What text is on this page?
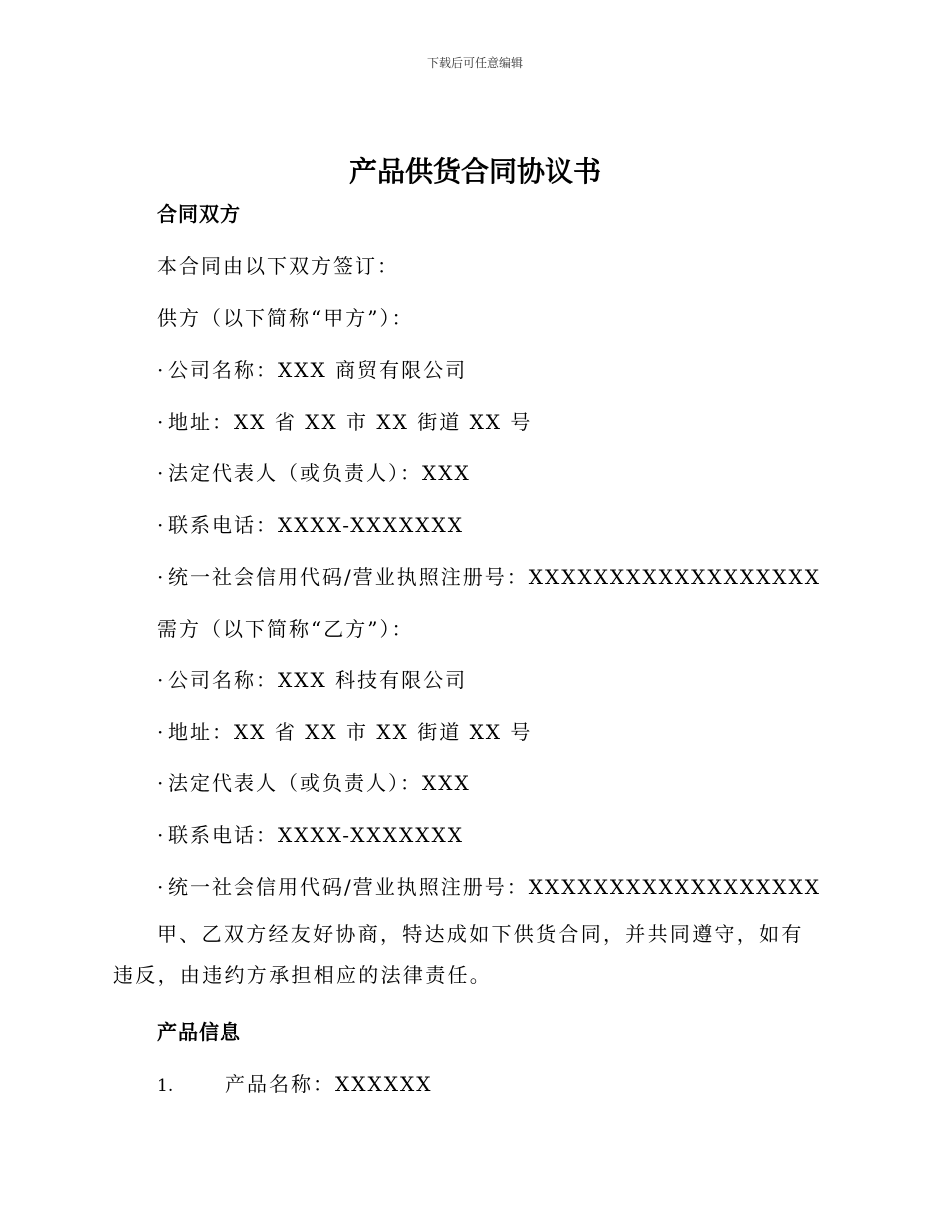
下载后可任意编辑
产品供货合同协议书
合同双方
本合同由以下双方签订：
供方（以下简称“甲方”）：
· 公司名称：XXX 商贸有限公司
· 地址：XX 省 XX 市 XX 街道 XX 号
· 法定代表人（或负责人）：XXX
· 联系电话：XXXX-XXXXXXX
· 统一社会信用代码/营业执照注册号：XXXXXXXXXXXXXXXXXX
需方（以下简称“乙方”）：
· 公司名称：XXX 科技有限公司
· 地址：XX 省 XX 市 XX 街道 XX 号
· 法定代表人（或负责人）：XXX
· 联系电话：XXXX-XXXXXXX
· 统一社会信用代码/营业执照注册号：XXXXXXXXXXXXXXXXXX
甲、乙双方经友好协商，特达成如下供货合同，并共同遵守，如有违反，由违约方承担相应的法律责任。
产品信息
1.	产品名称：XXXXXX
